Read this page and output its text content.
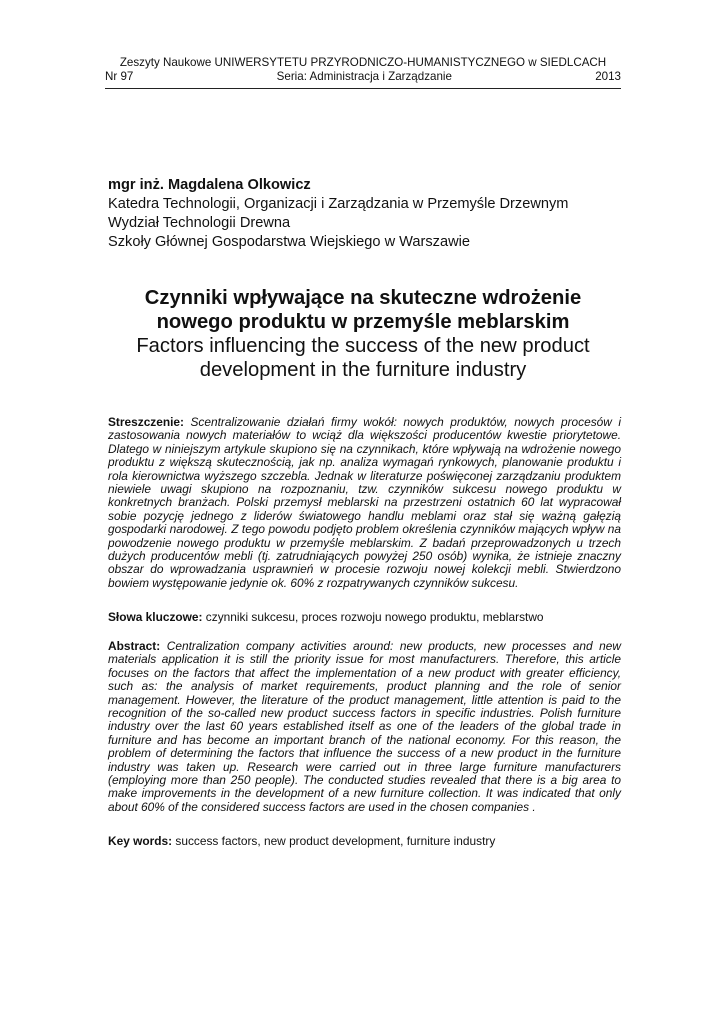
Zeszyty Naukowe UNIWERSYTETU PRZYRODNICZO-HUMANISTYCZNEGO w SIEDLCACH
Nr 97	Seria: Administracja i Zarządzanie	2013
mgr inż. Magdalena Olkowicz
Katedra Technologii, Organizacji i Zarządzania w Przemyśle Drzewnym
Wydział Technologii Drewna
Szkoły Głównej Gospodarstwa Wiejskiego w Warszawie
Czynniki wpływające na skuteczne wdrożenie
nowego produktu w przemyśle meblarskim
Factors influencing the success of the new product
development in the furniture industry
Streszczenie: Scentralizowanie działań firmy wokół: nowych produktów, nowych procesów i zastosowania nowych materiałów to wciąż dla większości producentów kwestie priorytetowe. Dlatego w niniejszym artykule skupiono się na czynnikach, które wpływają na wdrożenie nowego produktu z większą skutecznością, jak np. analiza wymagań rynkowych, planowanie produktu i rola kierownictwa wyższego szczebla. Jednak w literaturze poświęconej zarządzaniu produktem niewiele uwagi skupiono na rozpoznaniu, tzw. czynników sukcesu nowego produktu w konkretnych branżach. Polski przemysł meblarski na przestrzeni ostatnich 60 lat wypracował sobie pozycję jednego z liderów światowego handlu meblami oraz stał się ważną gałęzią gospodarki narodowej. Z tego powodu podjęto problem określenia czynników mających wpływ na powodzenie nowego produktu w przemyśle meblarskim. Z badań przeprowadzonych u trzech dużych producentów mebli (tj. zatrudniających powyżej 250 osób) wynika, że istnieje znaczny obszar do wprowadzania usprawnień w procesie rozwoju nowej kolekcji mebli. Stwierdzono bowiem występowanie jedynie ok. 60% z rozpatrywanych czynników sukcesu.
Słowa kluczowe: czynniki sukcesu, proces rozwoju nowego produktu, meblarstwo
Abstract: Centralization company activities around: new products, new processes and new materials application it is still the priority issue for most manufacturers. Therefore, this article focuses on the factors that affect the implementation of a new product with greater efficiency, such as: the analysis of market requirements, product planning and the role of senior management. However, the literature of the product management, little attention is paid to the recognition of the so-called new product success factors in specific industries. Polish furniture industry over the last 60 years established itself as one of the leaders of the global trade in furniture and has become an important branch of the national economy. For this reason, the problem of determining the factors that influence the success of a new product in the furniture industry was taken up. Research were carried out in three large furniture manufacturers (employing more than 250 people). The conducted studies revealed that there is a big area to make improvements in the development of a new furniture collection. It was indicated that only about 60% of the considered success factors are used in the chosen companies .
Key words: success factors, new product development, furniture industry
